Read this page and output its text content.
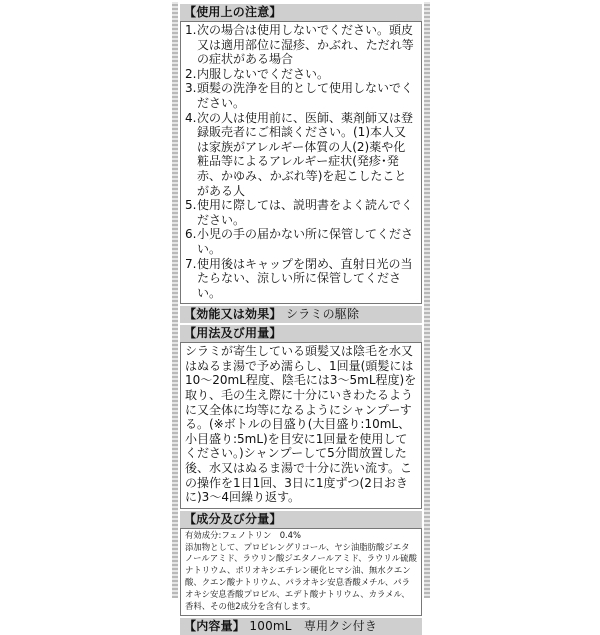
【使用上の注意】
1. 次の場合は使用しないでください。頭皮又は適用部位に湿疹、かぶれ、ただれ等の症状がある場合
2. 内服しないでください。
3. 頭髪の洗浄を目的として使用しないでください。
4. 次の人は使用前に、医師、薬剤師又は登録販売者にご相談ください。(1)本人又は家族がアレルギー体質の人(2)薬や化粧品等によるアレルギー症状(発疹･発赤、かゆみ、かぶれ等)を起こしたことがある人
5. 使用に際しては、説明書をよく読んでください。
6. 小児の手の届かない所に保管してください。
7. 使用後はキャップを閉め、直射日光の当たらない、涼しい所に保管してください。
【効能又は効果】 シラミの駆除
【用法及び用量】
シラミが寄生している頭髪又は陰毛を水又はぬるま湯で予め濡らし、1回量(頭髪には10～20mL程度、陰毛には3～5mL程度)を取り、毛の生え際に十分にいきわたるように又全体に均等になるようにシャンプーする。(※ボトルの目盛り(大目盛り:10mL、小目盛り:5mL)を目安に1回量を使用してください。)シャンプーして5分間放置した後、水又はぬるま湯で十分に洗い流す。この操作を1日1回、3日に1度ずつ(2日おきに)3～4回繰り返す。
【成分及び分量】
有効成分:フェノトリン　0.4%
添加物として、プロピレングリコール、ヤシ油脂肪酸ジエタノールアミド、ラウリン酸ジエタノールアミド、ラウリル硫酸ナトリウム、ポリオキシエチレン硬化ヒマシ油、無水クエン酸、クエン酸ナトリウム、パラオキシ安息香酸メチル、パラオキシ安息香酸プロピル、エデト酸ナトリウム、カラメル、香料、その他2成分を含有します。
【内容量】 100mL　専用クシ付き
